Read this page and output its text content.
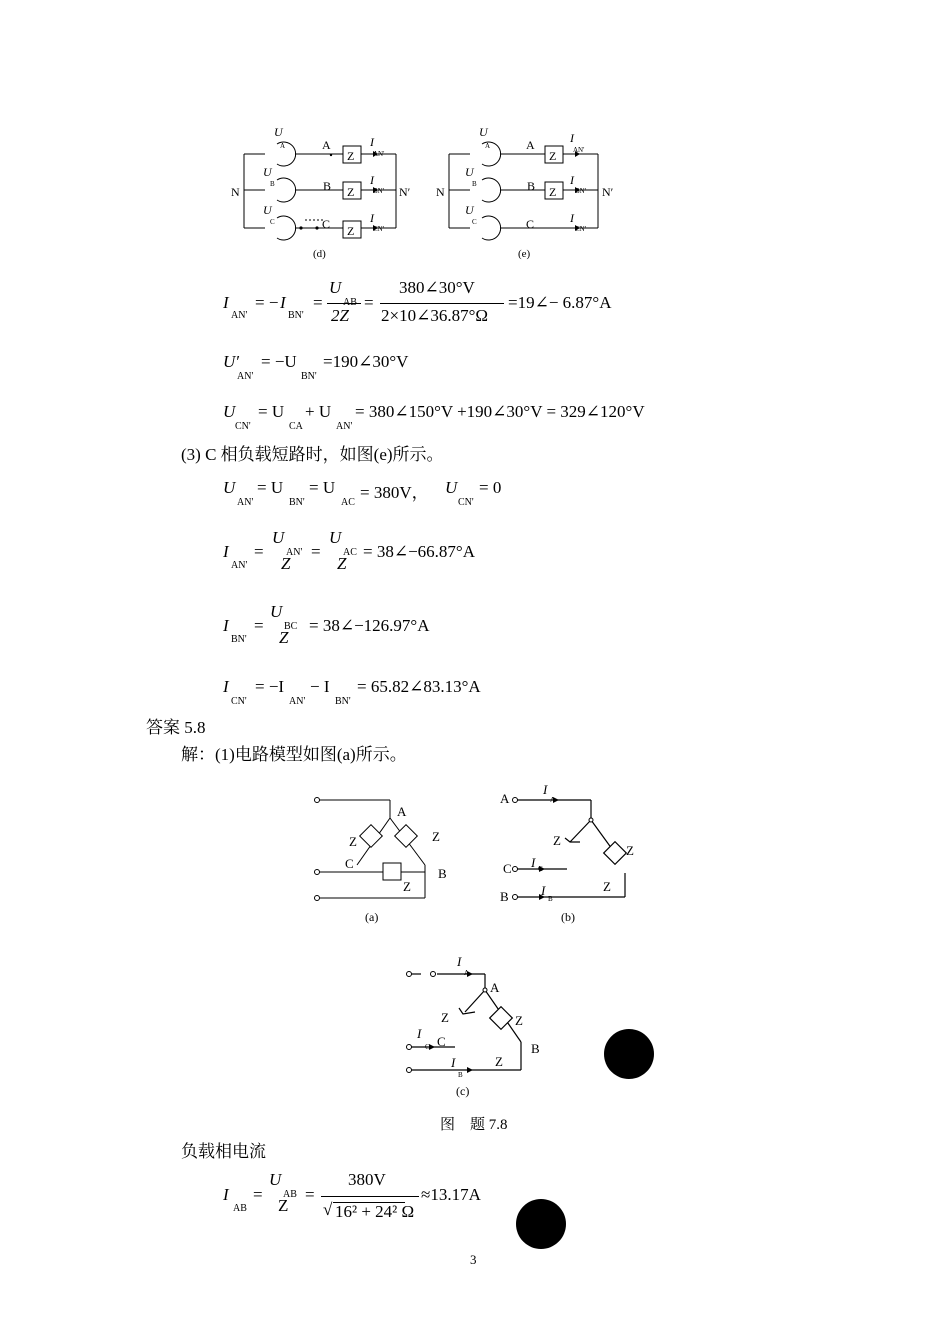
U
U
U
A
B
C
N	N′
Z
Z
Z
I
I
I
A
B
C
AN'
BN'
CN'
(d)
U
U
U
A
B
C
N	N′
Z
Z
I
I
I
A
B
C
AN'
BN'
CN'
(e)
I
AN'
= − I
BN'
=
U
AB
2Z
=
380∠30°V
2×10∠36.87°Ω
=19∠− 6.87°A
U′
AN'
= −U
BN'
=190∠30°V
U
CN'
= U
CA
+ U
AN'
= 380∠150°V +190∠30°V = 329∠120°V
(3) C 相负载短路时，如图(e)所示。
U
AN'
= U
BN'
= U
AC
= 380V， U
CN'
= 0
I
AN'
=
U
AN'
Z
=
U
AC
Z
= 38∠−66.87°A
I
BN'
=
U
BC
Z
= 38∠−126.97°A
I
CN'
= −I
AN'
− I
BN'
= 65.82∠83.13°A
答案 5.8
解：(1)电路模型如图(a)所示。
A
C
B
Z	Z
Z
(a)
A
C
B
I
I
I
Z
Z
Z
A
C
B
(b)
I
A
Z	Z
I
C	B
Z
I
A
C
B
(c)
图　题 7.8
负载相电流
I
AB
=
U
AB
Z
=
380V
√ 16² + 24² Ω
≈13.17A
3
